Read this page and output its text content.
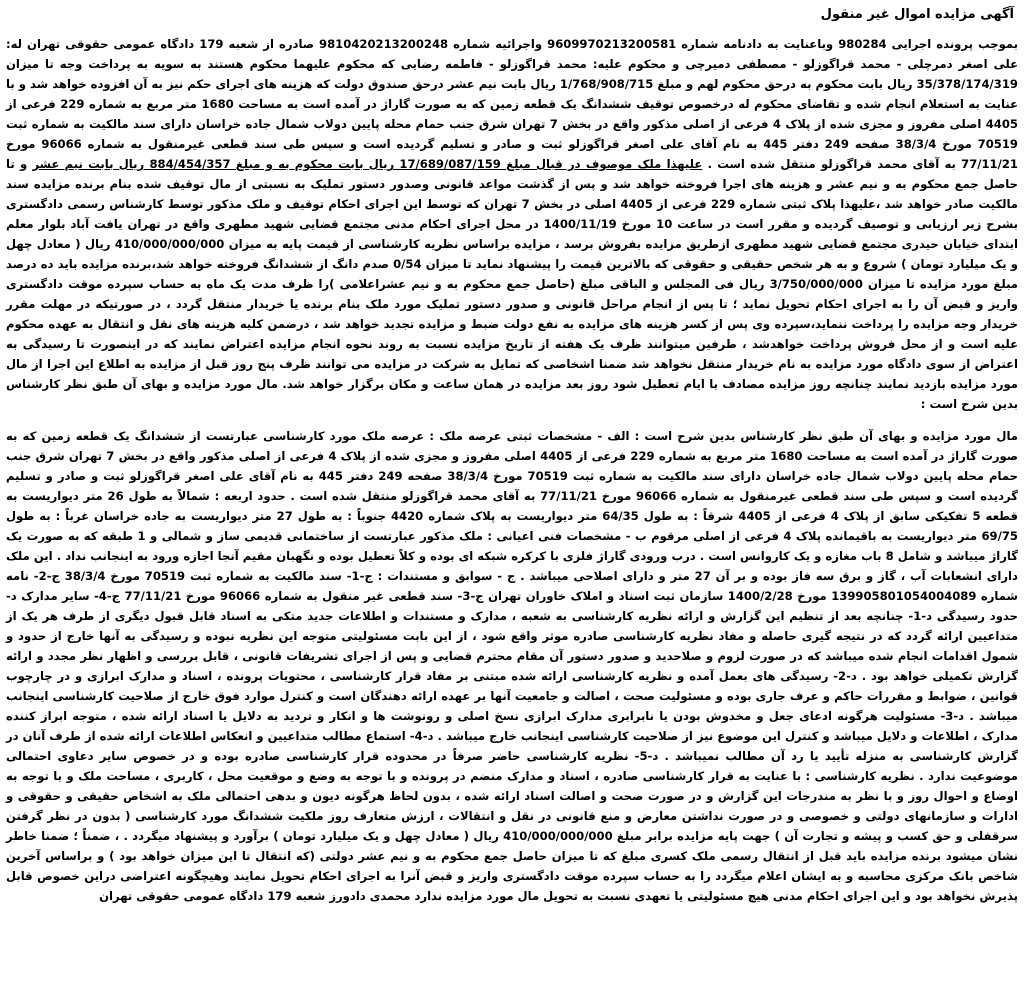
آگهی مزایده اموال غیر منقول

بموجب پرونده اجرایی 980284 وباعنایت به دادنامه شماره 9609970213200581 واجرائیه شماره 9810420213200248 صادره از شعبه 179 دادگاه عمومی حقوقی تهران له: علی اصغر دمرچلی - محمد قراگوزلو - مصطفی دمیرچی و محکوم علیه: محمد قراگوزلو - فاطمه رضایی که محکوم علیهما محکوم هستند به سویه به پرداخت وجه تا میزان 35/378/174/319 ریال بابت محکوم به درحق محکوم لهم و مبلغ 1/768/908/715 ریال بابت نیم عشر درحق صندوق دولت که هزینه های اجرای حکم نیز به آن افزوده خواهد شد و با عنایت به استعلام انجام شده و تقاضای محکوم له درخصوص توقیف ششدانگ یک قطعه زمین که به صورت گاراژ در آمده است به مساحت 1680 متر مربع به شماره 229 فرعی از 4405 اصلی مفروز و مجزی شده از پلاک 4 فرعی از اصلی مذکور واقع در بخش 7 تهران شرق جنب حمام محله پایین دولاب شمال جاده خراسان دارای سند مالکیت به شماره ثبت 70519 مورخ 38/3/4 صفحه 249 دفتر 445 به نام آقای علی اصغر قراگوزلو ثبت و صادر و تسلیم گردیده است و سپس طی سند قطعی غیرمنقول به شماره 96066 مورخ 77/11/21 به آقای محمد قراگوزلو منتقل شده است . علیهذا ملک موصوف در قبال مبلغ 17/689/087/159 ریال بابت محکوم به و مبلغ 884/454/357 ریال بابت نیم عشر و تا حاصل جمع محکوم به و نیم عشر و هزینه های اجرا فروخته خواهد شد و پس از گذشت مواعد قانونی وصدور دستور تملیک به نسبتی از مال توقیف شده بنام برنده مزایده سند مالکیت صادر خواهد شد ،علیهذا پلاک ثبتی شماره 229 فرعی از 4405 اصلی در بخش 7 تهران که توسط این اجرای احکام توقیف و ملک مذکور توسط کارشناس رسمی دادگستری بشرح زیر ارزیابی و توصیف گردیده و مقرر است در ساعت 10 مورخ 1400/11/19 در محل اجرای احکام مدنی مجتمع قضایی شهید مطهری واقع در تهران یافت آباد بلوار معلم ابتدای خیابان حیدری مجتمع قضایی شهید مطهری ازطریق مزایده بفروش برسد ، مزایده براساس نظریه کارشناسی از قیمت پایه به میزان 410/000/000/000 ریال ( معادل چهل و یک میلیارد تومان ) شروع و به هر شخص حقیقی و حقوقی که بالاترین قیمت را پیشنهاد نماید تا میزان 0/54 صدم دانگ از ششدانگ فروخته خواهد شد،برنده مزایده باید ده درصد مبلغ مورد مزایده تا میزان 3/750/000/000 ریال فی المجلس و الباقی مبلغ (حاصل جمع محکوم به و نیم عشراعلامی )را ظرف مدت یک ماه به حساب سپرده موقت دادگستری واریز و قبض آن را به اجرای احکام تحویل نماید ؛ تا پس از انجام مراحل قانونی و صدور دستور تملیک مورد ملک بنام برنده یا خریدار منتقل گردد ، در صورتیکه در مهلت مقرر خریدار وجه مزایده را پرداخت ننماید،سپرده وی پس از کسر هزینه های مزایده به نفع دولت ضبط و مزایده تجدید خواهد شد ، درضمن کلیه هزینه های نقل و انتقال به عهده محکوم علیه است و از محل فروش پرداخت خواهدشد ، طرفین میتوانند ظرف یک هفته از تاریخ مزایده نسبت به روند نحوه انجام مزایده اعتراض نمایند که در اینصورت تا رسیدگی به اعتراض از سوی دادگاه مورد مزایده به نام خریدار منتقل نخواهد شد ضمنا اشخاصی که تمایل به شرکت در مزایده می توانند ظرف پنج روز قبل از مزایده به اطلاع این اجرا از مال مورد مزایده بازدید نمایند چنانچه روز مزایده مصادف با ایام تعطیل شود روز بعد مزایده در همان ساعت و مکان برگزار خواهد شد. مال مورد مزایده و بهای آن طبق نظر کارشناس بدین شرح است :

مال مورد مزایده و بهای آن طبق نظر کارشناس بدین شرح است : الف - مشخصات ثبتی عرصه ملک : عرصه ملک مورد کارشناسی عبارتست از ششدانگ یک قطعه زمین که به صورت گاراژ در آمده است به مساحت 1680 متر مربع به شماره 229 فرعی از 4405 اصلی مفروز و مجزی شده از پلاک 4 فرعی از اصلی مذکور واقع در بخش 7 تهران شرق جنب حمام محله پایین دولاب شمال جاده خراسان دارای سند مالکیت به شماره ثبت 70519 مورخ 38/3/4 صفحه 249 دفتر 445 به نام آقای علی اصغر قراگوزلو ثبت و صادر و تسلیم گردیده است و سپس طی سند قطعی غیرمنقول به شماره 96066 مورخ 77/11/21 به آقای محمد قراگوزلو منتقل شده است . حدود اربعه : شمالاً به طول 26 متر دیواریست به قطعه 5 تفکیکی سابق از پلاک 4 فرعی از 4405 شرقاً : به طول 64/35 متر دیواریست به پلاک شماره 4420 جنوباً : به طول 27 متر دیواریست به جاده خراسان غرباً : به طول 69/75 متر دیواریست به باقیمانده پلاک 4 فرعی از اصلی مرقوم ب - مشخصات فنی اعیانی : ملک مذکور عبارتست از ساختمانی قدیمی ساز و شمالی و 1 طبقه که به صورت یک گاراژ میباشد و شامل 8 باب مغازه و یک کاروانس است . درب ورودی گاراژ فلزی با کرکره شبکه ای بوده و کلاً تعطیل بوده و نگهبان مقیم آنجا اجازه ورود به اینجانب نداد . این ملک دارای انشعابات آب ، گاز و برق سه فاز بوده و بر آن 27 متر و دارای اصلاحی میباشد . ج - سوابق و مستندات : ج-1- سند مالکیت به شماره ثبت 70519 مورخ 38/3/4 ج-2- نامه شماره 139905801054004089 مورخ 1400/2/28 سازمان ثبت اسناد و املاک خاوران تهران ج-3- سند قطعی غیر منقول به شماره 96066 مورخ 77/11/21 ج-4- سایر مدارک د- حدود رسیدگی د-1- چنانچه بعد از تنظیم این گزارش و ارائه نظریه کارشناسی به شعبه ، مدارک و مستندات و اطلاعات جدید متکی به اسناد قابل قبول دیگری از طرف هر یک از متداعیین ارائه گردد که در نتیجه گیری حاصله و مفاد نظریه کارشناسی صادره موثر واقع شود ، از این بابت مسئولیتی متوجه این نظریه نبوده و رسیدگی به آنها خارج از حدود و شمول اقدامات انجام شده میباشد که در صورت لزوم و صلاحدید و صدور دستور آن مقام محترم قضایی و پس از اجرای تشریفات قانونی ، قابل بررسی و اظهار نظر مجدد و ارائه گزارش تکمیلی خواهد بود . د-2- رسیدگی های بعمل آمده و نظریه کارشناسی ارائه شده مبتنی بر مفاد قرار کارشناسی ، محتویات پرونده ، اسناد و مدارک ابرازی و در چارچوب قوانین ، ضوابط و مقررات حاکم و عرف جاری بوده و مسئولیت صحت ، اصالت و جامعیت آنها بر عهده ارائه دهندگان است و کنترل موارد فوق خارج از صلاحیت کارشناسی اینجانب میباشد . د-3- مسئولیت هرگونه ادعای جعل و مخدوش بودن یا نابرابری مدارک ابرازی نسخ اصلی و رونوشت ها و انکار و تردید به دلایل یا اسناد ارائه شده ، متوجه ابراز کننده مدارک ، اطلاعات و دلایل میباشد و کنترل این موضوع نیز از صلاحیت کارشناسی اینجانب خارج میباشد . د-4- استماع مطالب متداعیین و انعکاس اطلاعات ارائه شده از طرف آنان در گزارش کارشناسی به منزله تأیید یا رد آن مطالب نمیباشد . د-5- نظریه کارشناسی حاضر صرفاً در محدوده قرار کارشناسی صادره بوده و در خصوص سایر دعاوی احتمالی موضوعیت ندارد . نظریه کارشناسی : با عنایت به قرار کارشناسی صادره ، اسناد و مدارک منضم در پرونده و با توجه به وضع و موقعیت محل ، کاربری ، مساحت ملک و با توجه به اوضاع و احوال روز و با نظر به مندرجات این گزارش و در صورت صحت و اصالت اسناد ارائه شده ، بدون لحاظ هرگونه دیون و بدهی احتمالی ملک به اشخاص حقیقی و حقوقی و ادارات و سازمانهای دولتی و خصوصی و در صورت نداشتن معارض و منع قانونی در نقل و انتقالات ، ارزش متعارف روز ملکیت ششدانگ مورد کارشناسی ( بدون در نظر گرفتن سرقفلی و حق کسب و پیشه و تجارت آن ) جهت پایه مزایده برابر مبلغ 410/000/000/000 ریال ( معادل چهل و یک میلیارد تومان ) برآورد و پیشنهاد میگردد . ، ضمناً ؛ ضمنا خاطر نشان میشود برنده مزایده باید قبل از انتقال رسمی ملک کسری مبلغ که تا میزان حاصل جمع محکوم به و نیم عشر دولتی (که انتقال تا این میزان خواهد بود ) و براساس آخرین شاخص بانک مرکزی محاسبه و به ایشان اعلام میگردد را به حساب سپرده موقت دادگستری واریز و قبض آنرا به اجرای احکام تحویل نمایند وهیچگونه اعتراضی دراین خصوص قابل پذیرش نخواهد بود و این اجرای احکام مدنی هیچ مسئولیتی یا تعهدی نسبت به تحویل مال مورد مزایده ندارد محمدی دادورز شعبه 179 دادگاه عمومی حقوقی تهران
